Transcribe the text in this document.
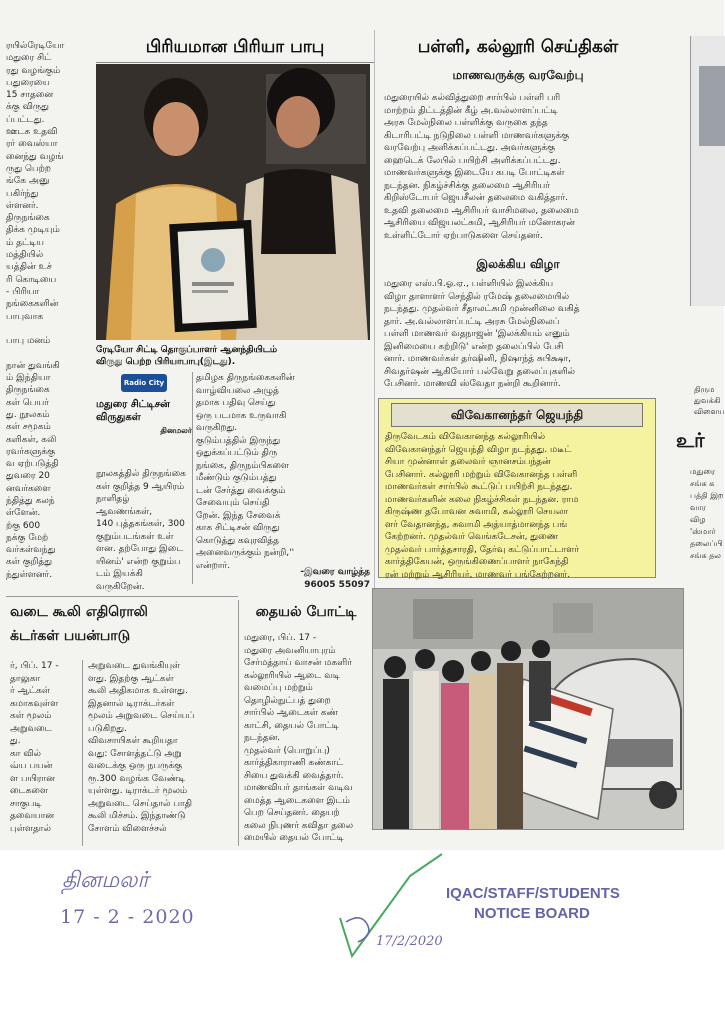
ரயில்ரேடியோ
மதுரை சிட்
ரது வழங்கும்
பதுரையை
15 சாதனை
க்கு விருது
ப்பட்டது.
ஊடக உதவி
ரர் வைஸ்யா
னைந்து வழங்
ருது பெற்ற
ங்கே அனு
பகிர்ந்து
ள்ளனர்.
திருநங்கை
திக்க முடியும்
ம் தட்டிய
மத்தியில்
யத்தின் உச்
ரி கொடியை
- பிரியா
நங்கைகளின்
பாபுவாக

பாபு மனம்

நான் துவங்கி
ம் இந்தியா
திருநங்கை
கள் பெயர்
து. நூலகம்
கள் சமூகம்
களிகள், கலி
ரவர்களுக்கு
வ ஏற்படுத்தி
துவரை 20
னவர்களை
ந்தித்து கலந்
ள்ளேன்.
ற்கு 600
நக்கு மேற்
வர்கள்வந்து
கள் குறித்து
ந்துள்ளனர்.
பிரியமான பிரியா பாபு
ரேடியோ சிட்டி தொகுப்பாளர் ஆனந்தியிடம்
விருது பெற்ற பிரியாபாபு(இடது).
Radio City
மதுரை சிட்டிசன்
விருதுகள்
தினமலர்
நூலகத்தில் திருநங்கை
கள் குறித்த 9 ஆயிரம்
நாளிதழ் ஆவணங்கள்,
140 புத்தகங்கள், 300
குறும்படங்கள் உள்
ளன. தற்போது இடை
யினம்' என்ற குறும்ப
டம் இயக்கி வருகிறேன்.
தமிழக திருநங்கைகளின்
வாழ்வியலை அழுத்
தமாக பதிவு செய்து
ஒரு படமாக உருவாகி
வருகிறது.
குடும்பத்தில் இருந்து
ஒதுக்கப்பட்டும் திரு
நங்கை, திருநம்பிகளை
மீண்டும் குடும்பத்து
டன் சேர்த்து வைக்கும்
சேவையும் செய்தி
றேன். இந்த சேவைக்
காக சிட்டிசன் விருது
கொடுத்து கவுரவித்த
அனைவருக்கும் நன்றி,''
என்றார்.
-இவரை வாழ்த்த
96005 55097
பள்ளி, கல்லூரி செய்திகள்
மாணவருக்கு வரவேற்பு
மதுரையில் கல்வித்துறை சார்பில் பள்ளி பரி
மாற்றம் திட்டத்தின் கீழ் அ.வல்லாளப்பட்டி
அரசு மேல்நிலை பள்ளிக்கு வருகை தந்த
கிடாரிபட்டி நடுநிலை பள்ளி மாணவர்களுக்கு
வரவேற்பு அளிக்கப்பட்டது. அவர்களுக்கு
ஹைடெக் லேபில் பயிற்சி அளிக்கப்பட்டது.
மாணவர்களுக்கு இடையே கபடி போட்டிகள்
நடந்தன. நிகழ்ச்சிக்கு தலைமை ஆசிரியர்
கிறிஸ்டோபர் ஜெயசீலன் தலைமை வகித்தார்.
உதவி தலைமை ஆசிரியர் வாசிமலை, தலைமை
ஆசிரியை விஜயலட்சுமி, ஆசிரியர் மனோகரன்
உள்ளிட்டோர் ஏற்பாடுகளை செய்தனர்.
இலக்கிய விழா
மதுரை எஸ்.பி.ஓ.ஏ., பள்ளியில் இலக்கிய
விழா தாளாளர் செந்தில் ரமேஷ் தலைமையில்
நடந்தது. முதல்வர் சீதாலட்சுமி முன்னிலை வகித்
தார். அ.வல்லாளப்பட்டி அரசு மேல்நிலைப்
பள்ளி மாணவர் வதநாஜன் 'இலக்கியம் எனும்
இனிமையை கற்றிடு' என்ற தலைப்பில் பேசி
னார். மாணவர்கள் தர்ஷினி, நிஷாந்த் சுபிக்ஷா,
சிவதர்ஷன் ஆகியோர் பல்வேறு தலைப்புகளில்
பேசினர். மாணவி ஸ்வேதா நன்றி கூறினார்.
விவேகானந்தர் ஜெயந்தி
திருவேடகம் விவேகானந்த கல்லூரியில்
விவேகானந்தர் ஜெயந்தி விழா நடந்தது. மடீட்
சியா முன்னாள் தலைவர் ஞானசம்பந்தன்
பேசினார். கல்லூரி மற்றும் விவேகானந்த பள்ளி
மாணவர்கள் சார்பில் கூட்டுப் பயிற்சி நடந்தது.
மாணவர்களின் கலை நிகழ்ச்சிகள் நடந்தன. ராம
கிருஷ்ண தபோவன சுவாமி, கல்லூரி செயலா
ளர் வேதானந்த, சுவாமி அத்யாத்மானந்த பங்
கேற்றனர். முதல்வர் வெங்கடேசன், துணை
முதல்வர் பார்த்தசாரதி, தேர்வு கட்டுப்பாட்டாளர்
கார்த்திகேயன், ஒருங்கிணைப்பாளர் நாகேந்தி
ரன் மற்றும் ஆசிரியர், மாணவர் பங்கேற்றனர்.
திரும
துவக்கி
விளைய
உர்
மதுரை
சங்க க
பத்தி இற
வார விழ
'ஸ்மார்
தலைப்பி
சங்க தல
வடை கூலி எதிரொலி
க்டர்கள் பயன்பாடு
ர், பிப். 17 -
தாலுகா
ர் ஆட்கள்
கமாகவுள்ள
கள் மூலம்
அறுவடை
து.
கா வில்
வ்ய பயன்
ள பயிரான
டைகளை
சாகுபடி
தவையான
புள்ளதால்
அறுவடை துவங்கியுள்
ளது. இதற்கு ஆட்கள்
கூலி அதிகமாக உள்ளது.
இதனால் டிராக்டர்கள்
மூலம் அறுவடை செய்யப்
படுகிறது.
விவசாயிகள் கூறியதா
வது: சோளத்தட்டு அறு
வடைக்கு ஒரு நபருக்கு
ரூ.300 வழங்க வேண்டி
யுள்ளது. டிராக்டர் மூலம்
அறுவடை செய்தால் பாதி
கூலி மிச்சம். இந்தாண்டு
சோளம் விளைச்சல்
தையல் போட்டி
மதுரை, பிப். 17 -
மதுரை அவனியாபுரம்
சேர்மத்தாய் வாசன் மகளிர்
கல்லூரியில் ஆடை வடி
வமைப்பு மற்றும் தொழில்நுட்பத் துறை
சார்பில் ஆடைகள் கண்
காட்சி, தையல் போட்டி
நடந்தன.
முதல்வர் (பொறுப்பு)
கார்த்திகாராணி கண்காட்
சியை துவக்கி வைத்தார்.
மாணவியர் தாங்கள் வடிவ
மைத்த ஆடைகளை இடம்
பெற செய்தனர். தையற்
கலை நிபுணர் கவிதா தலை
மையில் தையல் போட்டி
தினமலர்
17 - 2 - 2020
17/2/2020
IQAC/STAFF/STUDENTS
NOTICE BOARD
